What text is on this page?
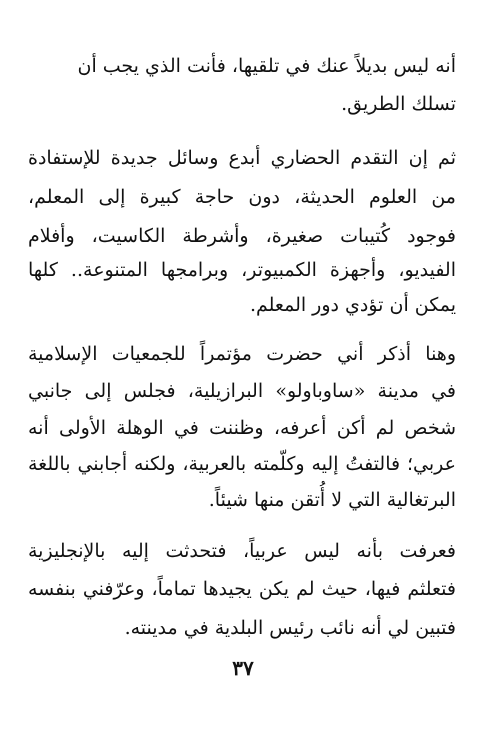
أنه ليس بديلاً عنك في تلقيها، فأنت الذي يجب أن
تسلك الطريق.
ثم إن التقدم الحضاري أبدع وسائل جديدة للإستفادة
من العلوم الحديثة، دون حاجة كبيرة إلى المعلم،
فوجود كُتيبات صغيرة، وأشرطة الكاسيت، وأفلام
الفيديو، وأجهزة الكمبيوتر، وبرامجها المتنوعة.. كلها
يمكن أن تؤدي دور المعلم.
وهنا أذكر أني حضرت مؤتمراً للجمعيات الإسلامية
في مدينة «ساوباولو» البرازيلية، فجلس إلى جانبي
شخص لم أكن أعرفه، وظننت في الوهلة الأولى أنه
عربي؛ فالتفتُ إليه وكلّمته بالعربية، ولكنه أجابني باللغة
البرتغالية التي لا أُتقن منها شيئاً.
فعرفت بأنه ليس عربياً، فتحدثت إليه بالإنجليزية
فتعلثم فيها، حيث لم يكن يجيدها تماماً، وعرّفني بنفسه
فتبين لي أنه نائب رئيس البلدية في مدينته.
٣٧
